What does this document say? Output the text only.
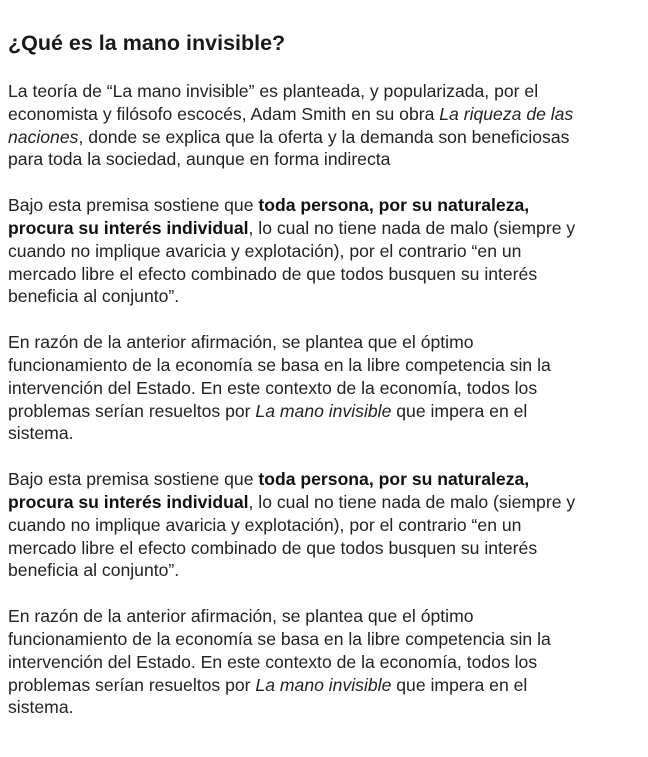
¿Qué es la mano invisible?

La teoría de “La mano invisible” es planteada, y popularizada, por el
economista y filósofo escocés, Adam Smith en su obra La riqueza de las
naciones, donde se explica que la oferta y la demanda son beneficiosas
para toda la sociedad, aunque en forma indirecta

Bajo esta premisa sostiene que toda persona, por su naturaleza,
procura su interés individual, lo cual no tiene nada de malo (siempre y
cuando no implique avaricia y explotación), por el contrario “en un
mercado libre el efecto combinado de que todos busquen su interés
beneficia al conjunto”.

En razón de la anterior afirmación, se plantea que el óptimo
funcionamiento de la economía se basa en la libre competencia sin la
intervención del Estado. En este contexto de la economía, todos los
problemas serían resueltos por La mano invisible que impera en el
sistema.

Bajo esta premisa sostiene que toda persona, por su naturaleza,
procura su interés individual, lo cual no tiene nada de malo (siempre y
cuando no implique avaricia y explotación), por el contrario “en un
mercado libre el efecto combinado de que todos busquen su interés
beneficia al conjunto”.

En razón de la anterior afirmación, se plantea que el óptimo
funcionamiento de la economía se basa en la libre competencia sin la
intervención del Estado. En este contexto de la economía, todos los
problemas serían resueltos por La mano invisible que impera en el
sistema.
